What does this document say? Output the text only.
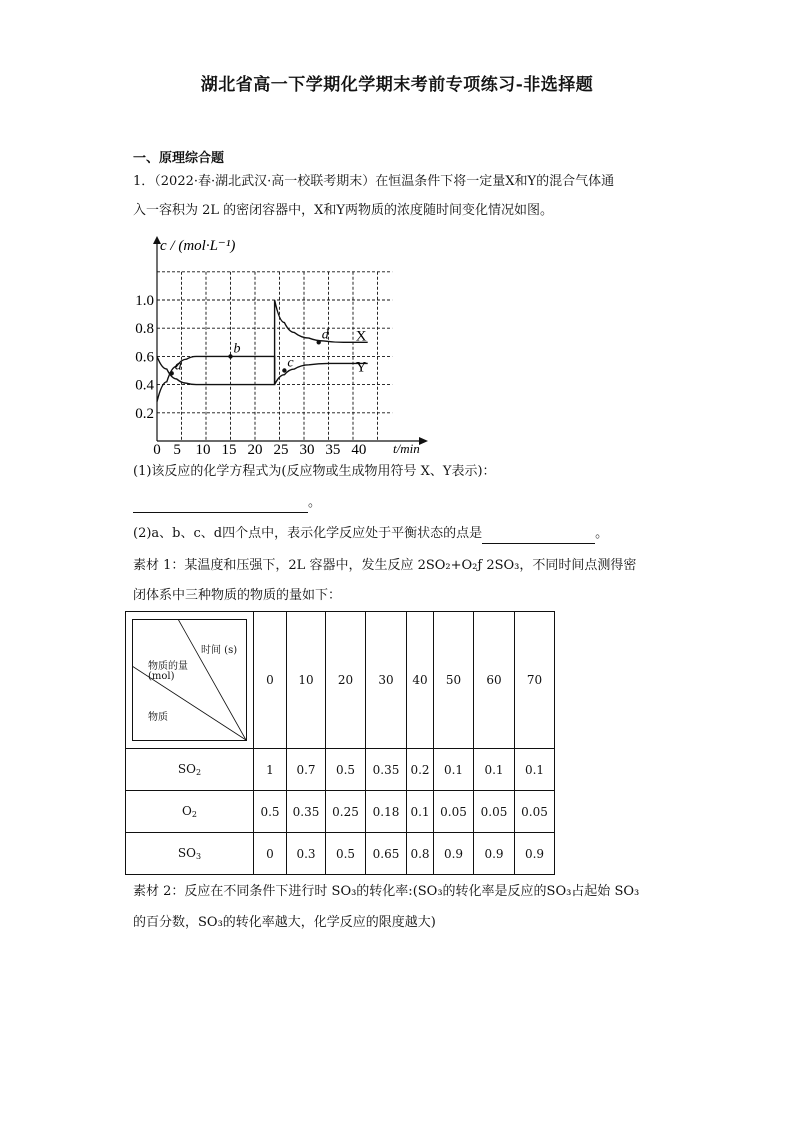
湖北省高一下学期化学期末考前专项练习-非选择题
一、原理综合题
1．（2022·春·湖北武汉·高一校联考期末）在恒温条件下将一定量X和Y的混合气体通
入一容积为 2L 的密闭容器中，X和Y两物质的浓度随时间变化情况如图。
c / (mol·L⁻¹)
t/min
0 5 10 15 20 25 30 35 40
0.2
0.4
0.6
0.8
1.0
X
Y
a
b
c
d
(1)该反应的化学方程式为(反应物或生成物用符号 X、Y表示)：
。
(2)a、b、c、d四个点中，表示化学反应处于平衡状态的点是	。
素材 1：某温度和压强下，2L 容器中，发生反应 2SO₂+O₂ƒ 2SO₃，不同时间点测得密
闭体系中三种物质的物质的量如下：
时间 (s)
物质的量
(mol)
物质	0	10	20	30	40	50	60	70
$SO_2$	1	0.7	0.5	0.35	0.2	0.1	0.1	0.1
$O_2$	0.5	0.35	0.25	0.18	0.1	0.05	0.05	0.05
$SO_3$	0	0.3	0.5	0.65	0.8	0.9	0.9	0.9
素材 2：反应在不同条件下进行时 SO₃的转化率:(SO₃的转化率是反应的SO₃占起始 SO₃
的百分数，SO₃的转化率越大，化学反应的限度越大)
